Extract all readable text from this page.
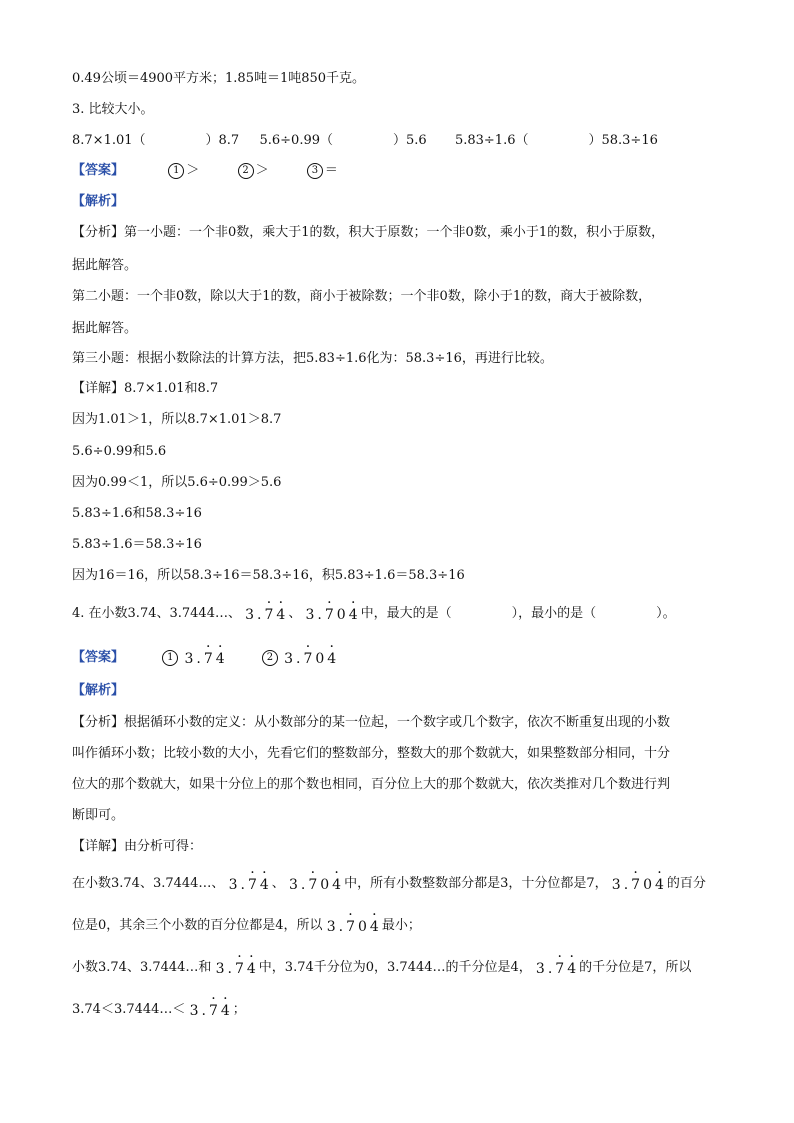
0.49公顷＝4900平方米；1.85吨＝1吨850千克。
3. 比较大小。
8.7×1.01（	）8.7 5.6÷0.99（	）5.6 5.83÷1.6（	）58.3÷16
【答案】	1 ＞	2 ＞	3 ＝
【解析】
【分析】第一小题：一个非0数，乘大于1的数，积大于原数；一个非0数，乘小于1的数，积小于原数，
据此解答。
第二小题：一个非0数，除以大于1的数，商小于被除数；一个非0数，除小于1的数，商大于被除数，
据此解答。
第三小题：根据小数除法的计算方法，把5.83÷1.6化为：58.3÷16，再进行比较。
【详解】8.7×1.01和8.7
因为1.01＞1，所以8.7×1.01＞8.7
5.6÷0.99和5.6
因为0.99＜1，所以5.6÷0.99＞5.6
5.83÷1.6和58.3÷16
5.83÷1.6＝58.3÷16
因为16＝16，所以58.3÷16＝58.3÷16，积5.83÷1.6＝58.3÷16
4. 在小数3.74、3.7444…、 3.· 7· 4、 3.· 70· 4中，最大的是（	），最小的是（	）。
【答案】	1 3.· 7· 4	2 3.· 70· 4
【解析】
【分析】根据循环小数的定义：从小数部分的某一位起，一个数字或几个数字，依次不断重复出现的小数
叫作循环小数；比较小数的大小，先看它们的整数部分，整数大的那个数就大，如果整数部分相同，十分
位大的那个数就大，如果十分位上的那个数也相同，百分位上大的那个数就大，依次类推对几个数进行判
断即可。
【详解】由分析可得：
在小数3.74、3.7444…、 3.· 7· 4、 3.· 70· 4中，所有小数整数部分都是3，十分位都是7， 3.· 70· 4的百分
位是0，其余三个小数的百分位都是4，所以 3.· 70· 4最小；
小数3.74、3.7444…和 3.· 7· 4中，3.74千分位为0，3.7444…的千分位是4， 3.· 7· 4的千分位是7，所以
3.74＜3.7444…＜ 3.· 7· 4；
